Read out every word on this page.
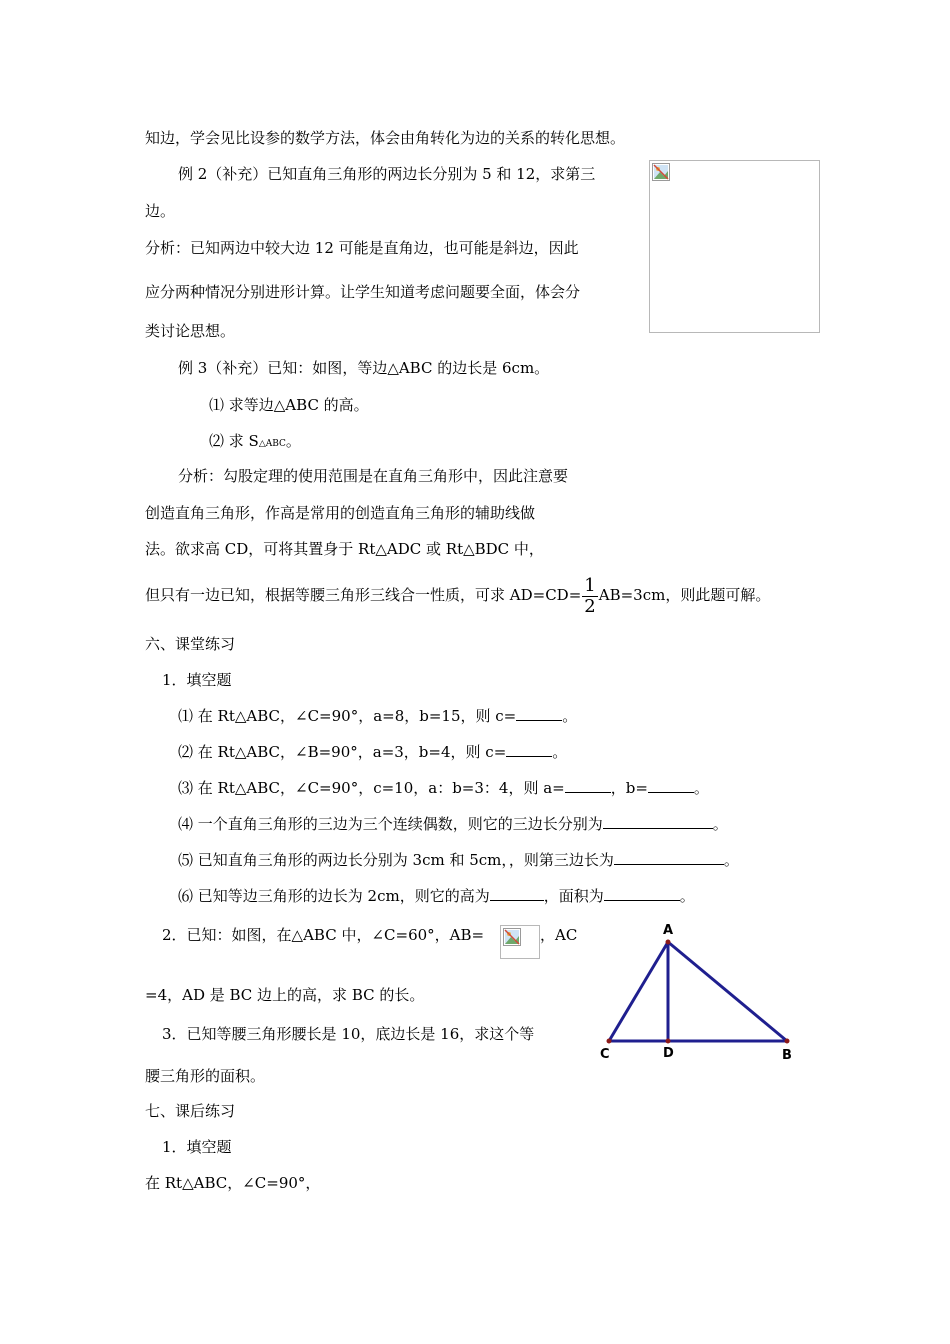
知边，学会见比设参的数学方法，体会由角转化为边的关系的转化思想。
例 2（补充）已知直角三角形的两边长分别为 5 和 12，求第三
边。
分析：已知两边中较大边 12 可能是直角边，也可能是斜边，因此
应分两种情况分别进形计算。让学生知道考虑问题要全面，体会分
类讨论思想。
例 3（补充）已知：如图，等边△ABC 的边长是 6cm。
⑴ 求等边△ABC 的高。
⑵ 求 S△ABC。
分析：勾股定理的使用范围是在直角三角形中，因此注意要
创造直角三角形，作高是常用的创造直角三角形的辅助线做
法。欲求高 CD，可将其置身于 Rt△ADC 或 Rt△BDC 中，
但只有一边已知，根据等腰三角形三线合一性质，可求 $AD=CD= \frac{1}{2} AB=3cm$，则此题可解。
六、课堂练习
1．填空题
⑴ 在 Rt△ABC，∠C=90°，a=8，b=15，则 c=	。
⑵ 在 Rt△ABC，∠B=90°，a=3，b=4，则 c=	。
⑶ 在 Rt△ABC，∠C=90°，c=10，a：b=3：4，则 a=	，b=	。
⑷ 一个直角三角形的三边为三个连续偶数，则它的三边长分别为	。
⑸ 已知直角三角形的两边长分别为 3cm 和 5cm，，则第三边长为	。
⑹ 已知等边三角形的边长为 2cm，则它的高为	，面积为	。
2．已知：如图，在△ABC 中，∠C=60°，AB=	，AC
=4，AD 是 BC 边上的高，求 BC 的长。
3．已知等腰三角形腰长是 10，底边长是 16，求这个等
腰三角形的面积。
七、课后练习
1．填空题
在 Rt△ABC，∠C=90°，
A
C	D	B
